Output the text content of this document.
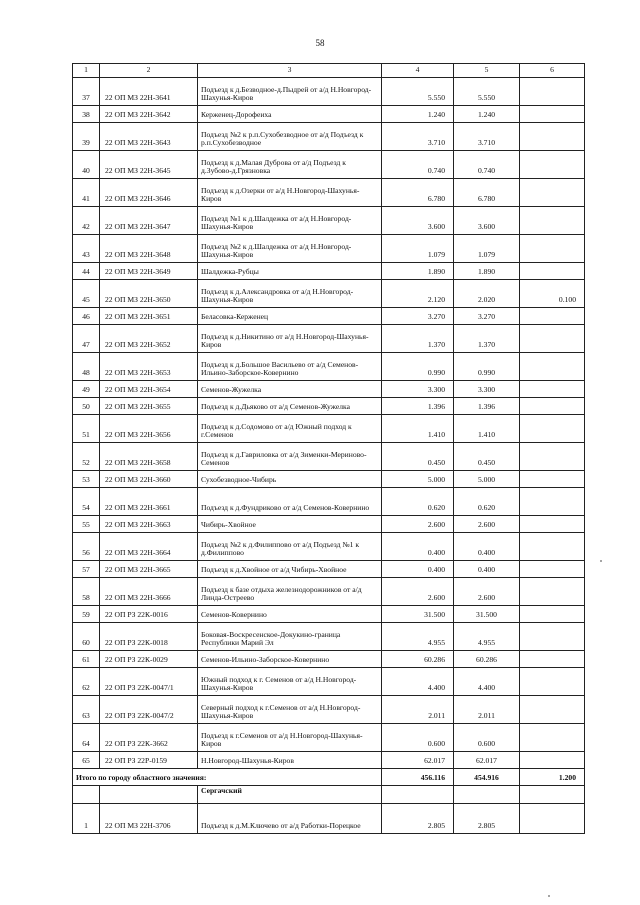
58
1	2	3	4	5	6
37	22 ОП МЗ 22Н-3641	Подъезд к д.Безводное-д.Пыдрей от а/д Н.Новгород-Шахунья-Киров	5.550	5.550	
38	22 ОП МЗ 22Н-3642	Керженец-Дорофеиха	1.240	1.240	
39	22 ОП МЗ 22Н-3643	Подъезд №2 к р.п.Сухобезводное от а/д Подъезд к р.п.Сухобезводное	3.710	3.710	
40	22 ОП МЗ 22Н-3645	Подъезд к д.Малая Дуброва от а/д Подъезд к д.Зубово-д.Грязновка	0.740	0.740	
41	22 ОП МЗ 22Н-3646	Подъезд к д.Озерки от а/д Н.Новгород-Шахунья-Киров	6.780	6.780	
42	22 ОП МЗ 22Н-3647	Подъезд №1 к д.Шалдежка от а/д Н.Новгород-Шахунья-Киров	3.600	3.600	
43	22 ОП МЗ 22Н-3648	Подъезд №2 к д.Шалдежка от а/д Н.Новгород-Шахунья-Киров	1.079	1.079	
44	22 ОП МЗ 22Н-3649	Шалдежка-Рубцы	1.890	1.890	
45	22 ОП МЗ 22Н-3650	Подъезд к д.Александровка от а/д Н.Новгород-Шахунья-Киров	2.120	2.020	0.100
46	22 ОП МЗ 22Н-3651	Беласовка-Керженец	3.270	3.270	
47	22 ОП МЗ 22Н-3652	Подъезд к д.Никитино от а/д Н.Новгород-Шахунья-Киров	1.370	1.370	
48	22 ОП МЗ 22Н-3653	Подъезд к д.Большое Васильево от а/д Семенов-Ильино-Заборское-Ковернино	0.990	0.990	
49	22 ОП МЗ 22Н-3654	Семенов-Жужелка	3.300	3.300	
50	22 ОП МЗ 22Н-3655	Подъезд к д.Дьяково от а/д Семенов-Жужелка	1.396	1.396	
51	22 ОП МЗ 22Н-3656	Подъезд к д.Содомово от а/д Южный подход к г.Семенов	1.410	1.410	
52	22 ОП МЗ 22Н-3658	Подъезд к д.Гавриловка от а/д Зименки-Мериново-Семенов	0.450	0.450	
53	22 ОП МЗ 22Н-3660	Сухобезводное-Чибирь	5.000	5.000	
54	22 ОП МЗ 22Н-3661	Подъезд к д.Фундриково от а/д Семенов-Ковернино	0.620	0.620	
55	22 ОП МЗ 22Н-3663	Чибирь-Хвойное	2.600	2.600	
56	22 ОП МЗ 22Н-3664	Подъезд №2 к д.Филиппово от а/д Подъезд №1 к д.Филиппово	0.400	0.400	
57	22 ОП МЗ 22Н-3665	Подъезд к д.Хвойное от а/д Чибирь-Хвойное	0.400	0.400	
58	22 ОП МЗ 22Н-3666	Подъезд к базе отдыха железнодорожников от а/д Линда-Остреево	2.600	2.600	
59	22 ОП РЗ 22К-0016	Семенов-Ковернино	31.500	31.500	
60	22 ОП РЗ 22К-0018	Боковая-Воскресенское-Докукино-граница Республики Марий Эл	4.955	4.955	
61	22 ОП РЗ 22К-0029	Семенов-Ильино-Заборское-Ковернино	60.286	60.286	
62	22 ОП РЗ 22К-0047/1	Южный подход к г. Семенов от а/д Н.Новгород-Шахунья-Киров	4.400	4.400	
63	22 ОП РЗ 22К-0047/2	Северный подход к г.Семенов от а/д Н.Новгород-Шахунья-Киров	2.011	2.011	
64	22 ОП РЗ 22К-3662	Подъезд к г.Семенов от а/д Н.Новгород-Шахунья-Киров	0.600	0.600	
65	22 ОП РЗ 22Р-0159	Н.Новгород-Шахунья-Киров	62.017	62.017	
Итого по городу областного значения:			456.116	454.916	1.200
		Сергачский			
1	22 ОП МЗ 22Н-3706	Подъезд к д.М.Ключево от а/д Работки-Порецкое	2.805	2.805	
